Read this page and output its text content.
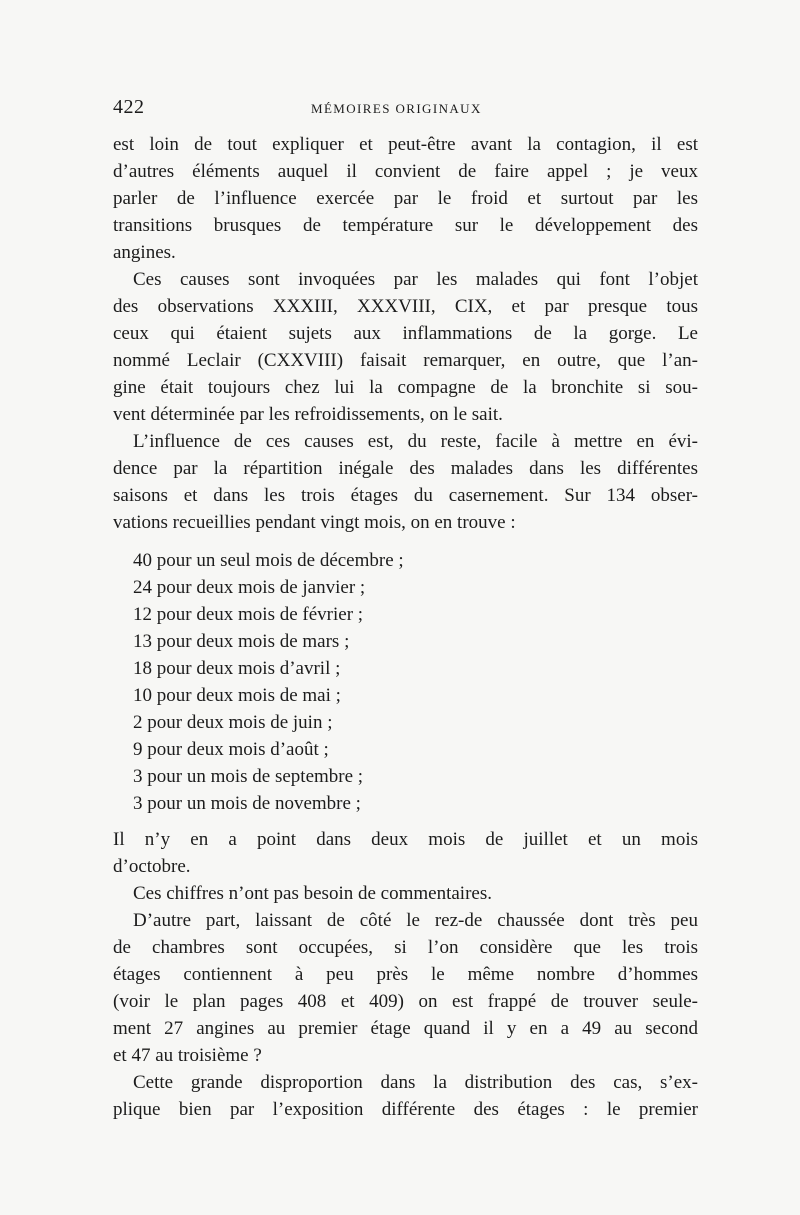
422	MÉMOIRES ORIGINAUX
est loin de tout expliquer et peut-être avant la contagion, il est
d’autres éléments auquel il convient de faire appel ; je veux
parler de l’influence exercée par le froid et surtout par les
transitions brusques de température sur le développement des
angines.
Ces causes sont invoquées par les malades qui font l’objet
des observations XXXIII, XXXVIII, CIX, et par presque tous
ceux qui étaient sujets aux inflammations de la gorge. Le
nommé Leclair (CXXVIII) faisait remarquer, en outre, que l’an-
gine était toujours chez lui la compagne de la bronchite si sou-
vent déterminée par les refroidissements, on le sait.
L’influence de ces causes est, du reste, facile à mettre en évi-
dence par la répartition inégale des malades dans les différentes
saisons et dans les trois étages du casernement. Sur 134 obser-
vations recueillies pendant vingt mois, on en trouve :
40 pour un seul mois de décembre ;
24 pour deux mois de janvier ;
12 pour deux mois de février ;
13 pour deux mois de mars ;
18 pour deux mois d’avril ;
10 pour deux mois de mai ;
2 pour deux mois de juin ;
9 pour deux mois d’août ;
3 pour un mois de septembre ;
3 pour un mois de novembre ;
Il n’y en a point dans deux mois de juillet et un mois
d’octobre.
Ces chiffres n’ont pas besoin de commentaires.
D’autre part, laissant de côté le rez-de chaussée dont très peu
de chambres sont occupées, si l’on considère que les trois
étages contiennent à peu près le même nombre d’hommes
(voir le plan pages 408 et 409) on est frappé de trouver seule-
ment 27 angines au premier étage quand il y en a 49 au second
et 47 au troisième ?
Cette grande disproportion dans la distribution des cas, s’ex-
plique bien par l’exposition différente des étages : le premier
